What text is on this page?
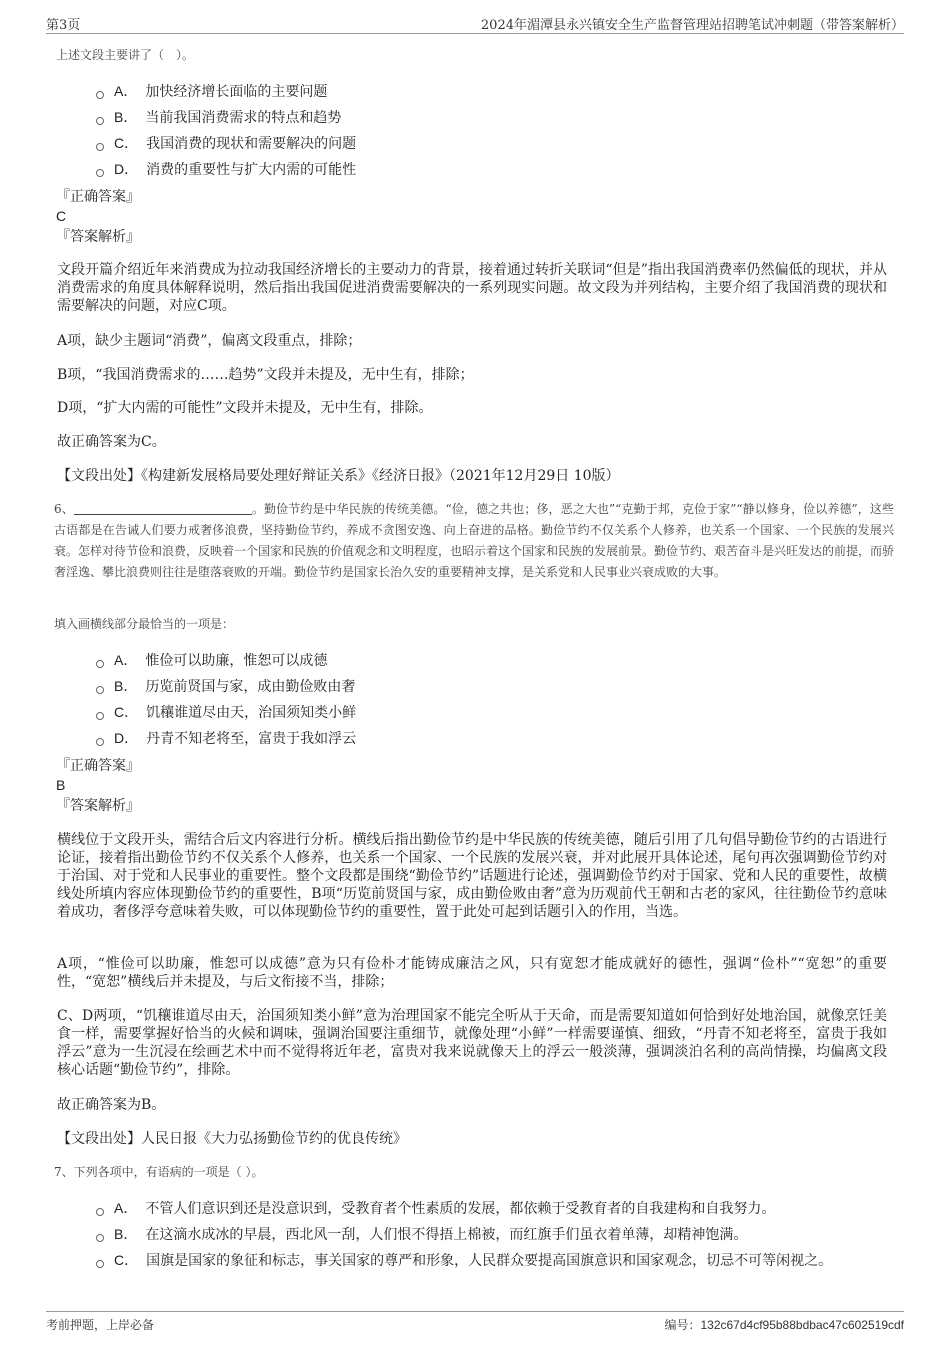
第3页	2024年湄潭县永兴镇安全生产监督管理站招聘笔试冲刺题（带答案解析）
上述文段主要讲了（　）。
A． 加快经济增长面临的主要问题
B． 当前我国消费需求的特点和趋势
C． 我国消费的现状和需要解决的问题
D． 消费的重要性与扩大内需的可能性
『正确答案』
C
『答案解析』
文段开篇介绍近年来消费成为拉动我国经济增长的主要动力的背景，接着通过转折关联词“但是”指出我国消费率仍然偏低的现状，并从消费需求的角度具体解释说明，然后指出我国促进消费需要解决的一系列现实问题。故文段为并列结构，主要介绍了我国消费的现状和需要解决的问题，对应C项。
A项，缺少主题词“消费”，偏离文段重点，排除；
B项，“我国消费需求的……趋势”文段并未提及，无中生有，排除；
D项，“扩大内需的可能性”文段并未提及，无中生有，排除。
故正确答案为C。
【文段出处】《构建新发展格局要处理好辩证关系》《经济日报》（2021年12月29日 10版）
6、	。勤俭节约是中华民族的传统美德。“俭，德之共也；侈，恶之大也”“克勤于邦，克俭于家”“静以修身，俭以养德”，这些古语都是在告诫人们要力戒奢侈浪费，坚持勤俭节约，养成不贪图安逸、向上奋进的品格。勤俭节约不仅关系个人修养，也关系一个国家、一个民族的发展兴衰。怎样对待节俭和浪费，反映着一个国家和民族的价值观念和文明程度，也昭示着这个国家和民族的发展前景。勤俭节约、艰苦奋斗是兴旺发达的前提，而骄奢淫逸、攀比浪费则往往是堕落衰败的开端。勤俭节约是国家长治久安的重要精神支撑，是关系党和人民事业兴衰成败的大事。
填入画横线部分最恰当的一项是：
A． 惟俭可以助廉，惟恕可以成德
B． 历览前贤国与家，成由勤俭败由奢
C． 饥穰谁道尽由天，治国须知类小鲜
D． 丹青不知老将至，富贵于我如浮云
『正确答案』
B
『答案解析』
横线位于文段开头，需结合后文内容进行分析。横线后指出勤俭节约是中华民族的传统美德，随后引用了几句倡导勤俭节约的古语进行论证，接着指出勤俭节约不仅关系个人修养，也关系一个国家、一个民族的发展兴衰，并对此展开具体论述，尾句再次强调勤俭节约对于治国、对于党和人民事业的重要性。整个文段都是围绕“勤俭节约”话题进行论述，强调勤俭节约对于国家、党和人民的重要性，故横线处所填内容应体现勤俭节约的重要性，B项“历览前贤国与家，成由勤俭败由奢”意为历观前代王朝和古老的家风，往往勤俭节约意味着成功，奢侈浮夸意味着失败，可以体现勤俭节约的重要性，置于此处可起到话题引入的作用，当选。
A项，“惟俭可以助廉，惟恕可以成德”意为只有俭朴才能铸成廉洁之风，只有宽恕才能成就好的德性，强调“俭朴”“宽恕”的重要性，“宽恕”横线后并未提及，与后文衔接不当，排除；
C、D两项，“饥穰谁道尽由天，治国须知类小鲜”意为治理国家不能完全听从于天命，而是需要知道如何恰到好处地治国，就像烹饪美食一样，需要掌握好恰当的火候和调味，强调治国要注重细节，就像处理“小鲜”一样需要谨慎、细致，“丹青不知老将至，富贵于我如浮云”意为一生沉浸在绘画艺术中而不觉得将近年老，富贵对我来说就像天上的浮云一般淡薄，强调淡泊名利的高尚情操，均偏离文段核心话题“勤俭节约”，排除。
故正确答案为B。
【文段出处】人民日报《大力弘扬勤俭节约的优良传统》
7、下列各项中，有语病的一项是（ ）。
A． 不管人们意识到还是没意识到，受教育者个性素质的发展，都依赖于受教育者的自我建构和自我努力。
B． 在这滴水成冰的早晨，西北风一刮，人们恨不得捂上棉被，而红旗手们虽衣着单薄，却精神饱满。
C． 国旗是国家的象征和标志，事关国家的尊严和形象，人民群众要提高国旗意识和国家观念，切忌不可等闲视之。
考前押题，上岸必备	编号：132c67d4cf95b88bdbac47c602519cdf
